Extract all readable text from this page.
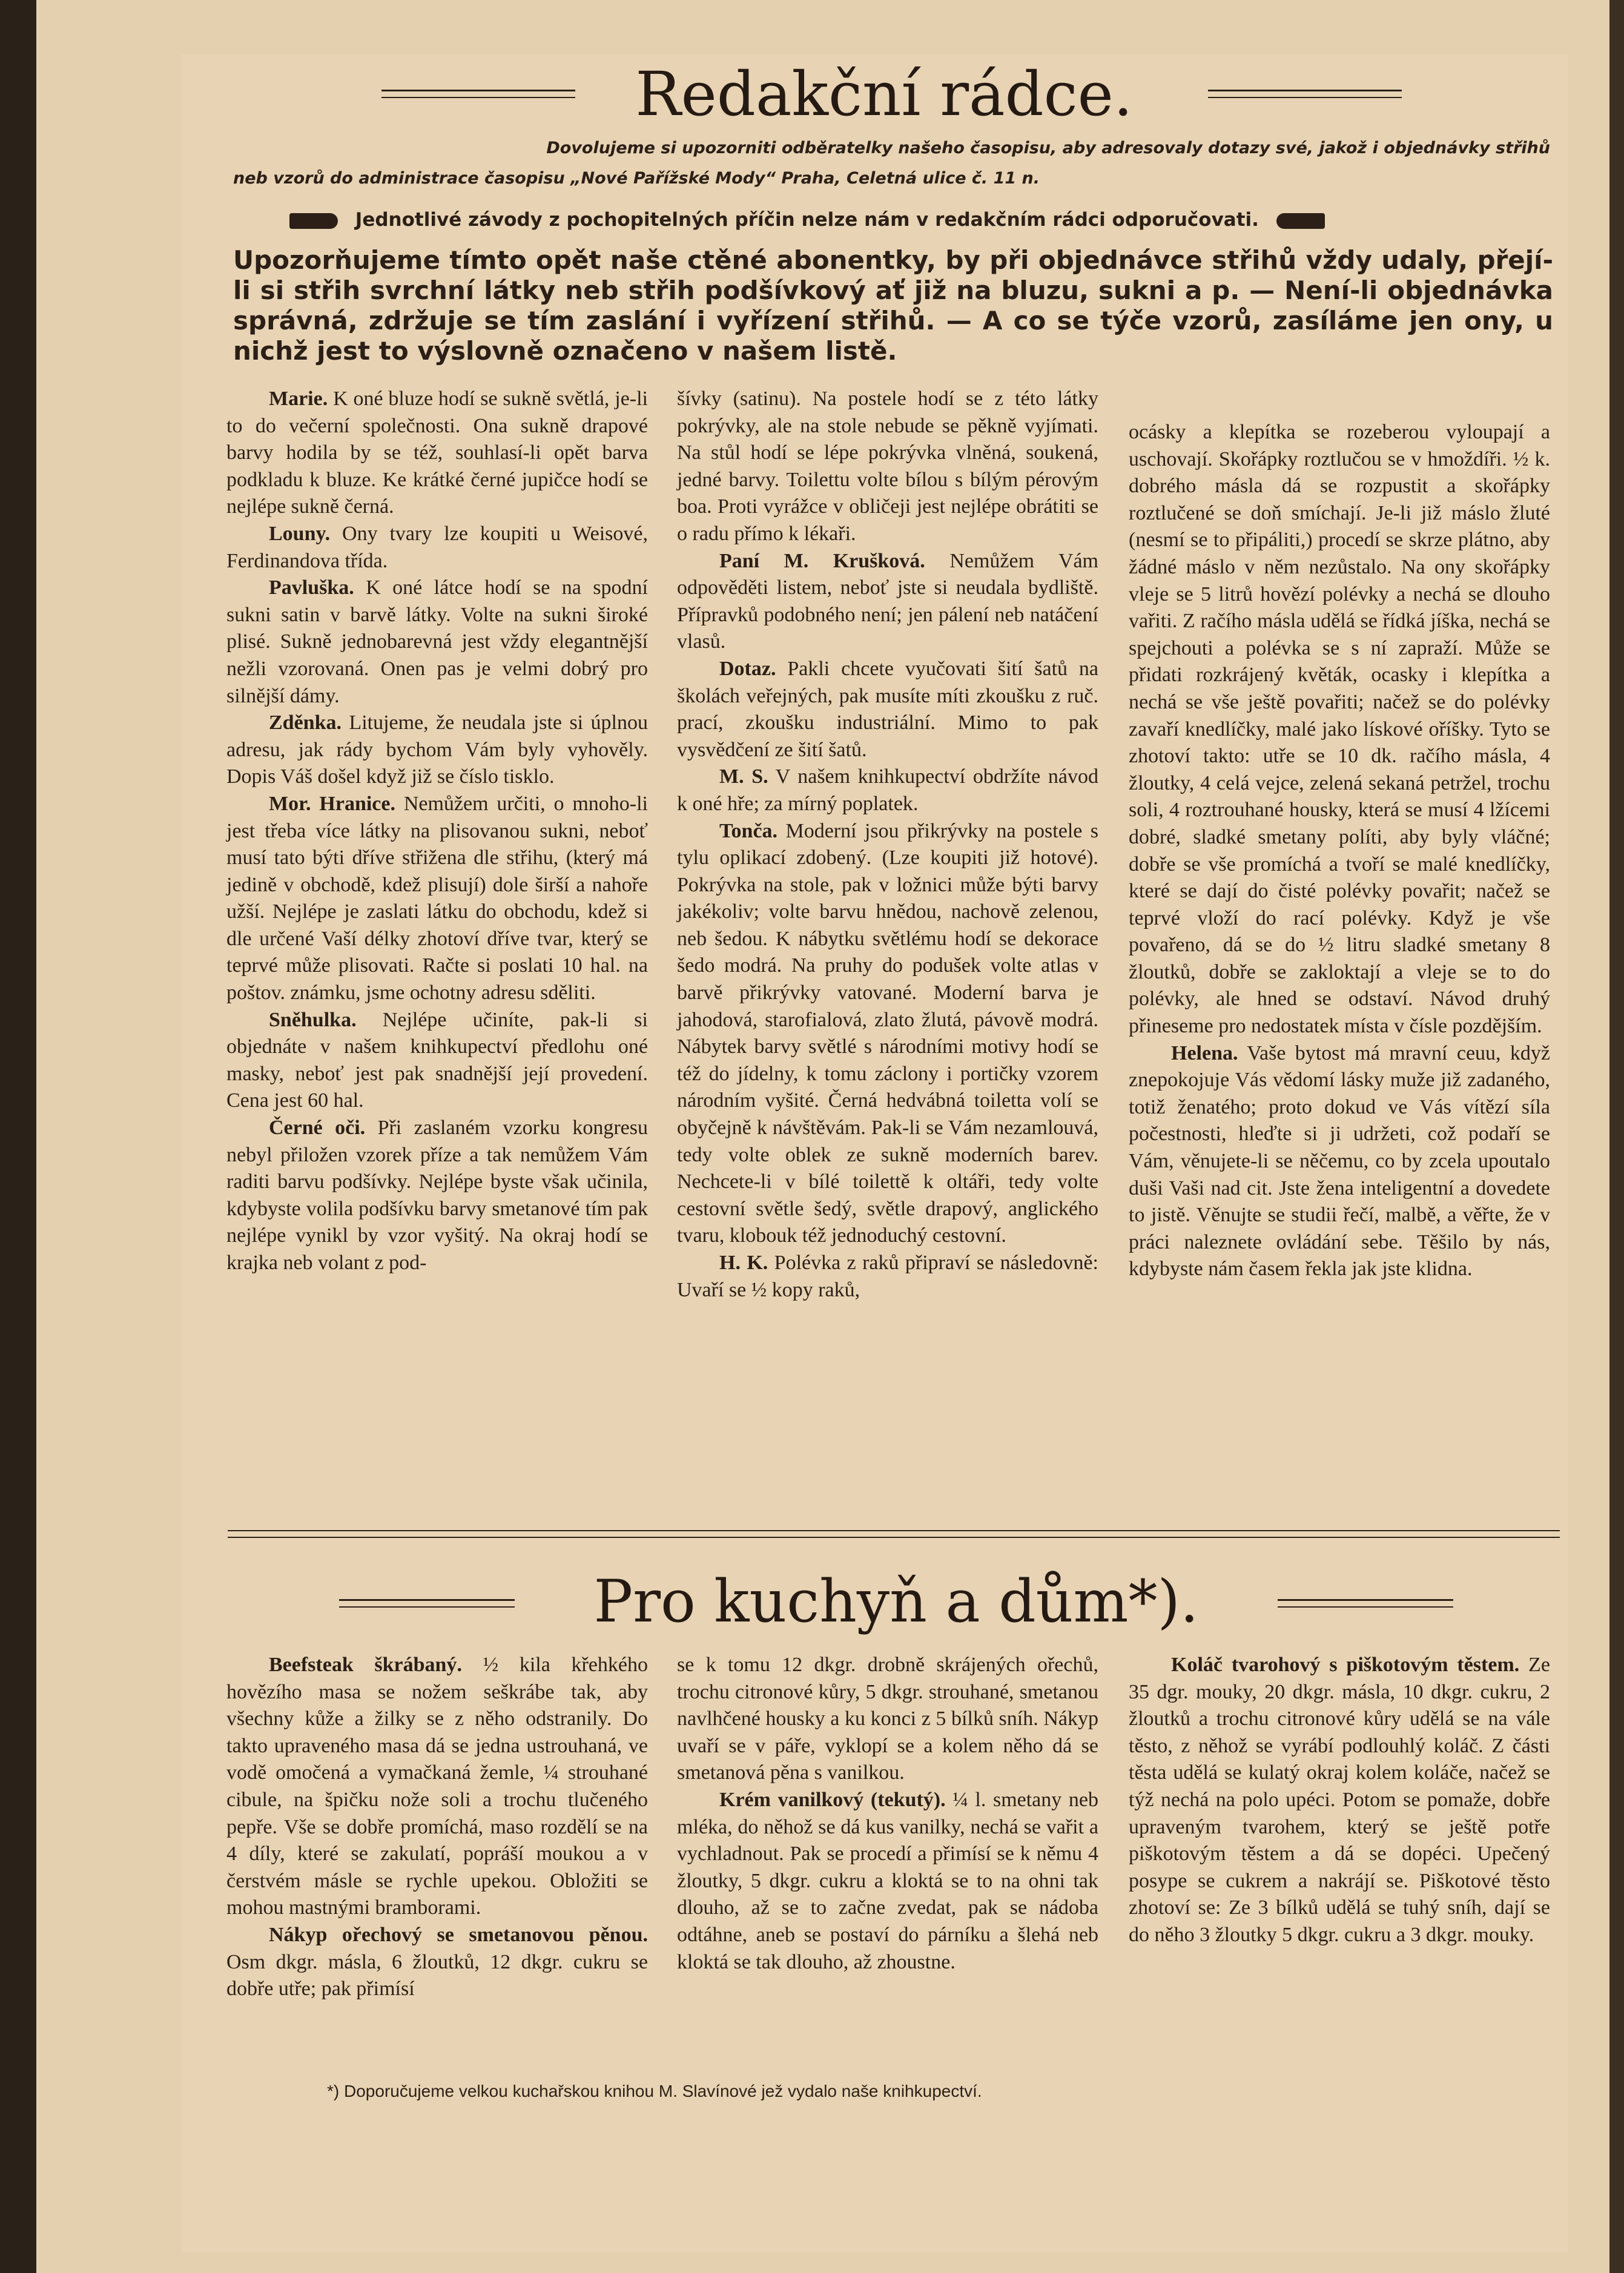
Redakční rádce.
Dovolujeme si upozorniti odběratelky našeho časopisu, aby adresovaly dotazy své, jakož i objednávky střihů
neb vzorů do administrace časopisu „Nové Pařížské Mody“ Praha, Celetná ulice č. 11 n.
Jednotlivé závody z pochopitelných příčin nelze nám v redakčním rádci odporučovati.
Upozorňujeme tímto opět naše ctěné abonentky, by při objednávce střihů vždy udaly, přejí-li si střih svrchní látky neb střih podšívkový ať již na bluzu, sukni a p. — Není-li objednávka správná, zdržuje se tím zaslání i vyřízení střihů. — A co se týče vzorů, zasíláme jen ony, u nichž jest to výslovně označeno v našem listě.

Marie. K oné bluze hodí se sukně světlá, je-li to do večerní společnosti. Ona sukně drapové barvy hodila by se též, souhlasí-li opět barva podkladu k bluze. Ke krátké černé jupičce hodí se nejlépe sukně černá.

Louny. Ony tvary lze koupiti u Weisové, Ferdinandova třída.

Pavluška. K oné látce hodí se na spodní sukni satin v barvě látky. Volte na sukni široké plisé. Sukně jednobarevná jest vždy elegantnější nežli vzorovaná. Onen pas je velmi dobrý pro silnější dámy.

Zděnka. Litujeme, že neudala jste si úplnou adresu, jak rády bychom Vám byly vyhověly. Dopis Váš došel když již se číslo tisklo.

Mor. Hranice. Nemůžem určiti, o mnoho-li jest třeba více látky na plisovanou sukni, neboť musí tato býti dříve střižena dle střihu, (který má jedině v obchodě, kdež plisují) dole širší a nahoře užší. Nejlépe je zaslati látku do obchodu, kdež si dle určené Vaší délky zhotoví dříve tvar, který se teprvé může plisovati. Račte si poslati 10 hal. na poštov. známku, jsme ochotny adresu sděliti.

Sněhulka. Nejlépe učiníte, pak-li si objednáte v našem knihkupectví předlohu oné masky, neboť jest pak snadnější její provedení. Cena jest 60 hal.

Černé oči. Při zaslaném vzorku kongresu nebyl přiložen vzorek příze a tak nemůžem Vám raditi barvu podšívky. Nejlépe byste však učinila, kdybyste volila podšívku barvy smetanové tím pak nejlépe vynikl by vzor vyšitý. Na okraj hodí se krajka neb volant z pod-

šívky (satinu). Na postele hodí se z této látky pokrývky, ale na stole nebude se pěkně vyjímati. Na stůl hodí se lépe pokrývka vlněná, soukená, jedné barvy. Toilettu volte bílou s bílým pérovým boa. Proti vyrážce v obličeji jest nejlépe obrátiti se o radu přímo k lékaři.

Paní M. Krušková. Nemůžem Vám odpověděti listem, neboť jste si neudala bydliště. Přípravků podobného není; jen pálení neb natáčení vlasů.

Dotaz. Pakli chcete vyučovati šití šatů na školách veřejných, pak musíte míti zkoušku z ruč. prací, zkoušku industriální. Mimo to pak vysvědčení ze šití šatů.

M. S. V našem knihkupectví obdržíte návod k oné hře; za mírný poplatek.

Tonča. Moderní jsou přikrývky na postele s tylu oplikací zdobený. (Lze koupiti již hotové). Pokrývka na stole, pak v ložnici může býti barvy jakékoliv; volte barvu hnědou, nachově zelenou, neb šedou. K nábytku světlému hodí se dekorace šedo modrá. Na pruhy do podušek volte atlas v barvě přikrývky vatované. Moderní barva je jahodová, starofialová, zlato žlutá, pávově modrá. Nábytek barvy světlé s národními motivy hodí se též do jídelny, k tomu záclony i portičky vzorem národním vyšité. Černá hedvábná toiletta volí se obyčejně k návštěvám. Pak-li se Vám nezamlouvá, tedy volte oblek ze sukně moderních barev. Nechcete-li v bílé toilettě k oltáři, tedy volte cestovní světle šedý, světle drapový, anglického tvaru, klobouk též jednoduchý cestovní.

H. K. Polévka z raků připraví se následovně: Uvaří se ½ kopy raků,

ocásky a klepítka se rozeberou vyloupají a uschovají. Skořápky roztlučou se v hmoždíři. ½ k. dobrého másla dá se rozpustit a skořápky roztlučené se doň smíchají. Je-li již máslo žluté (nesmí se to připáliti,) procedí se skrze plátno, aby žádné máslo v něm nezůstalo. Na ony skořápky vleje se 5 litrů hovězí polévky a nechá se dlouho vařiti. Z račího másla udělá se řídká jíška, nechá se spejchouti a polévka se s ní zapraží. Může se přidati rozkrájený květák, ocasky i klepítka a nechá se vše ještě povařiti; načež se do polévky zavaří knedlíčky, malé jako lískové oříšky. Tyto se zhotoví takto: utře se 10 dk. račího másla, 4 žloutky, 4 celá vejce, zelená sekaná petržel, trochu soli, 4 roztrouhané housky, která se musí 4 lžícemi dobré, sladké smetany políti, aby byly vláčné; dobře se vše promíchá a tvoří se malé knedlíčky, které se dají do čisté polévky povařit; načež se teprvé vloží do rací polévky. Když je vše povařeno, dá se do ½ litru sladké smetany 8 žloutků, dobře se zakloktají a vleje se to do polévky, ale hned se odstaví. Návod druhý přineseme pro nedostatek místa v čísle pozdějším.

Helena. Vaše bytost má mravní ceuu, když znepokojuje Vás vědomí lásky muže již zadaného, totiž ženatého; proto dokud ve Vás vítězí síla počestnosti, hleďte si ji udržeti, což podaří se Vám, věnujete-li se něčemu, co by zcela upoutalo duši Vaši nad cit. Jste žena inteligentní a dovedete to jistě. Věnujte se studii řečí, malbě, a věřte, že v práci naleznete ovládání sebe. Těšilo by nás, kdybyste nám časem řekla jak jste klidna.

Pro kuchyň a dům*).

Beefsteak škrábaný. ½ kila křehkého hovězího masa se nožem seškrábe tak, aby všechny kůže a žilky se z něho odstranily. Do takto upraveného masa dá se jedna ustrouhaná, ve vodě omočená a vymačkaná žemle, ¼ strouhané cibule, na špičku nože soli a trochu tlučeného pepře. Vše se dobře promíchá, maso rozdělí se na 4 díly, které se zakulatí, popráší moukou a v čerstvém másle se rychle upekou. Obložiti se mohou mastnými bramborami.

Nákyp ořechový se smetanovou pěnou. Osm dkgr. másla, 6 žloutků, 12 dkgr. cukru se dobře utře; pak přimísí

se k tomu 12 dkgr. drobně skrájených ořechů, trochu citronové kůry, 5 dkgr. strouhané, smetanou navlhčené housky a ku konci z 5 bílků sníh. Nákyp uvaří se v páře, vyklopí se a kolem něho dá se smetanová pěna s vanilkou.

Krém vanilkový (tekutý). ¼ l. smetany neb mléka, do něhož se dá kus vanilky, nechá se vařit a vychladnout. Pak se procedí a přimísí se k němu 4 žloutky, 5 dkgr. cukru a kloktá se to na ohni tak dlouho, až se to začne zvedat, pak se nádoba odtáhne, aneb se postaví do párníku a šlehá neb kloktá se tak dlouho, až zhoustne.

Koláč tvarohový s piškotovým těstem. Ze 35 dgr. mouky, 20 dkgr. másla, 10 dkgr. cukru, 2 žloutků a trochu citronové kůry udělá se na vále těsto, z něhož se vyrábí podlouhlý koláč. Z části těsta udělá se kulatý okraj kolem koláče, načež se týž nechá na polo upéci. Potom se pomaže, dobře upraveným tvarohem, který se ještě potře piškotovým těstem a dá se dopéci. Upečený posype se cukrem a nakrájí se. Piškotové těsto zhotoví se: Ze 3 bílků udělá se tuhý sníh, dají se do něho 3 žloutky 5 dkgr. cukru a 3 dkgr. mouky.

*) Doporučujeme velkou kuchařskou knihou M. Slavínové jež vydalo naše knihkupectví.
